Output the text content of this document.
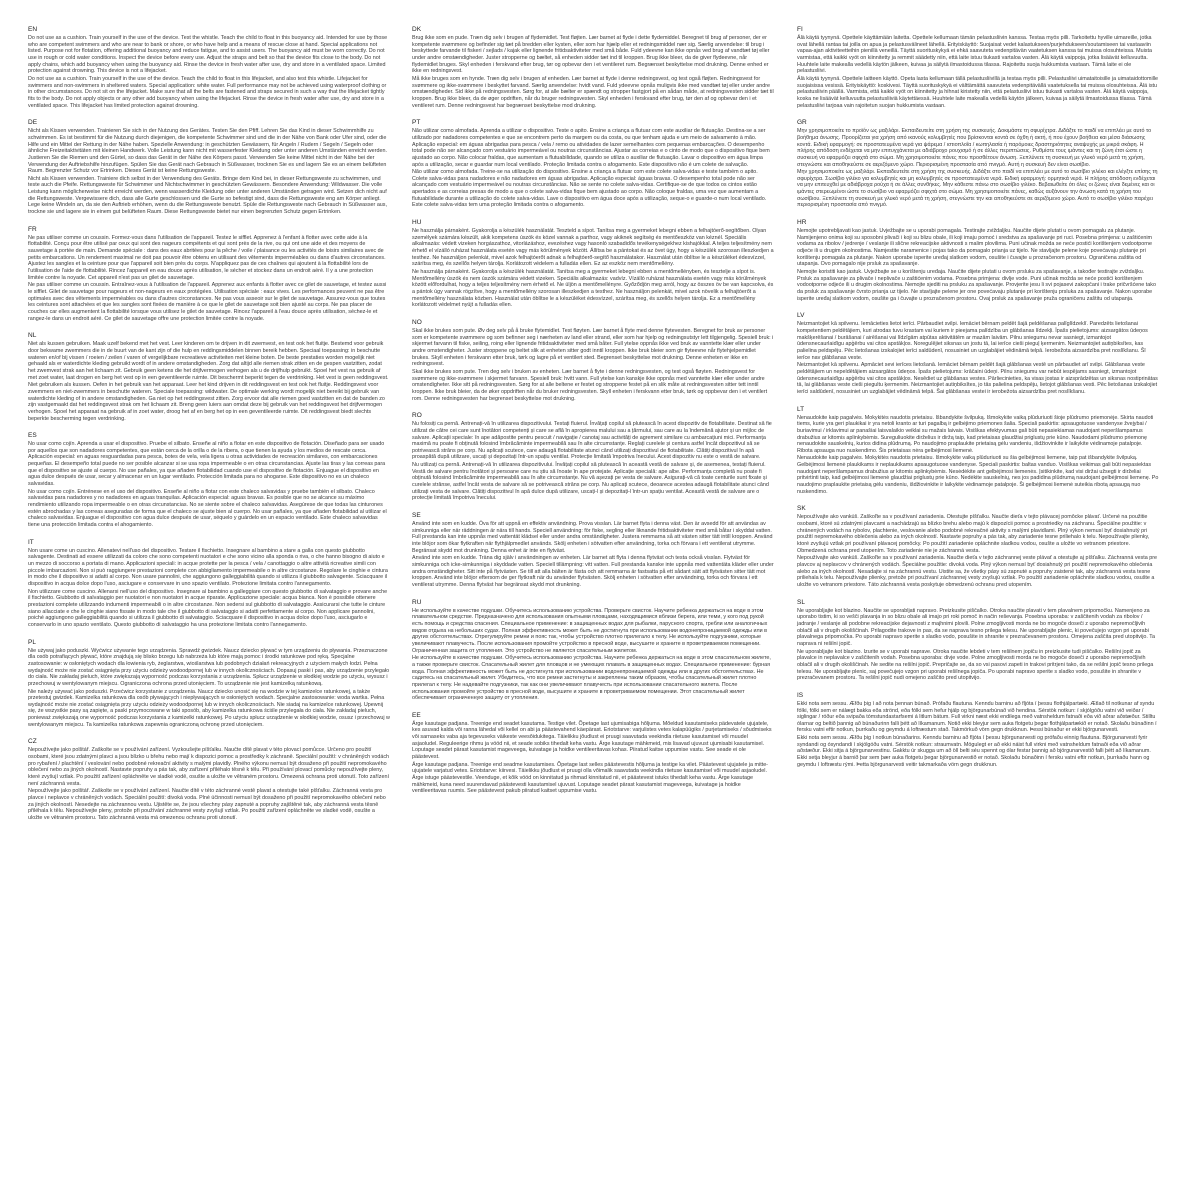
EN

Do not use as a cushion. Train yourself in the use of the device. Test the whistle. Teach the child to float in this buoyancy aid. Intended for use by those who are competent swimmers and who are near to bank or shore, or who have help and a means of rescue close at hand. Special applications not listed. Purpose not for flotation, offering additional buoyancy and reduce fatigue, and to assist users. The buoyancy aid must be worn correctly. Do not use in rough or cold water conditions. Inspect the device before every use. Adjust the straps and belt so that the device fits close to the body. Do not apply chains, which add buoyancy when using the buoyancy aid. Rinse the device in fresh water after use, dry and store in a ventilated space. Limited protection against drowning. This device is not a lifejacket.

Do not use as a cushion. Train yourself in the use of the device. Teach the child to float in this lifejacket, and also test this whistle. Lifejacket for swimmers and non-swimmers in sheltered waters. Special application: white water. Full performance may not be achieved using waterproof clothing or in other circumstances. Do not sit on the lifejacket. Make sure that all the belts are fastened and straps secured in such a way that the lifejacket tightly fits to the body. Do not apply objects or any other add buoyancy when using the lifejacket. Rinse the device in fresh water after use, dry and store in a ventilated space. This lifejacket has limited protection against drowning.

DE

Nicht als Kissen verwenden. Trainieren Sie sich in der Nutzung des Gerätes. Testen Sie den Pfiff. Lehren Sie das Kind in dieser Schwimmhilfe zu schwimmen. Es ist bestimmt für die Nutzung durch diejenigen, die kompetente Schwimmer sind und die in der Nähe von Bank oder Ufer sind, oder die Hilfe und ein Mittel der Rettung in der Nähe haben. Spezielle Anwendung: in geschützten Gewässern, für Angeln / Rudern / Segeln / Segeln oder ähnliche Freizeitaktivitäten mit kleinen Handwerk. Volle Leistung kann nicht mit wasserfester Kleidung oder unter anderen Umständen erreicht werden. Justieren Sie die Riemen und den Gürtel, so dass das Gerät in der Nähe des Körpers passt. Verwenden Sie keine Mittel nicht in der Nähe bei der Verwendung der Auftriebshilfe hinzufügen. Spülen Sie das Gerät nach Gebrauch in Süßwasser, trocknen Sie es und lagern Sie es an einem belüfteten Raum. Begrenzter Schutz vor Ertrinken. Dieses Gerät ist keine Rettungsweste.

Nicht als Kissen verwenden. Trainiere dich selbst in der Verwendung des Geräts. Bringe dem Kind bei, in dieser Rettungsweste zu schwimmen, und teste auch die Pfeife. Rettungsweste für Schwimmer und Nichtschwimmer in geschützten Gewässern. Besondere Anwendung: Wildwasser. Die volle Leistung kann möglicherweise nicht erreicht werden, wenn wasserdichte Kleidung oder unter anderen Umständen getragen wird. Setzen dich nicht auf die Rettungsweste. Vergewissere dich, dass alle Gurte geschlossen und die Gurte so befestigt sind, dass die Rettungsweste eng am Körper anliegt. Lege keine Windeln an, da sie den Auftrieb erhöhen, wenn du die Rettungsweste benutzt. Spüle die Rettungsweste nach Gebrauch in Süßwasser aus, trockne sie und lagere sie in einem gut belüfteten Raum. Diese Rettungsweste bietet nur einen begrenzten Schutz gegen Ertrinken.

FR

Ne pas utiliser comme un coussin. Formez-vous dans l'utilisation de l'appareil. Testez le sifflet. Apprenez à l'enfant à flotter avec cette aide à la flottabilité. Conçu pour être utilisé par ceux qui sont des nageurs compétents et qui sont près de la rive, ou qui ont une aide et des moyens de sauvetage à portée de main. Demande spéciale : dans des eaux abritées pour la pêche / voile / plaisance ou les activités de loisirs similaires avec de petits embarcations. Un rendement maximal ne doit pas pouvoir être obtenu en utilisant des vêtements imperméables ou dans d'autres circonstances. Ajustez les sangles et la ceinture pour que l'appareil soit bien près du corps. N'appliquez pas de ces chaînes qui ajoutent à la flottabilité lors de l'utilisation de l'aide de flottabilité. Rincez l'appareil en eau douce après utilisation, le sécher et stockez dans un endroit aéré. Il y a une protection limitée contre la noyade. Cet appareil n'est pas un gilet de sauvetage.

Ne pas utiliser comme un coussin. Entraînez-vous à l'utilisation de l'appareil. Apprenez aux enfants à flotter avec ce gilet de sauvetage, et testez aussi le sifflet. Gilet de sauvetage pour nageurs et non-nageurs en eaux protégées. Utilisation spéciale : eaux vives. Les performances peuvent ne pas être optimales avec des vêtements imperméables ou dans d'autres circonstances. Ne pas vous asseoir sur le gilet de sauvetage. Assurez-vous que toutes les ceintures sont attachées et que les sangles sont fixées de manière à ce que le gilet de sauvetage soit bien ajusté au corps. Ne pas placer de couches car elles augmentent la flottabilité lorsque vous utilisez le gilet de sauvetage. Rincez l'appareil à l'eau douce après utilisation, séchez-le et rangez-le dans un endroit aéré. Ce gilet de sauvetage offre une protection limitée contre la noyade.

NL

Niet als kussen gebruiken. Maak uzelf bekend met het vest. Leer kinderen om te drijven in dit zwemvest, en test ook het fluitje. Bestemd voor gebruik door bekwame zwemmers die in de buurt van de kant zijn of die hulp en reddingsmiddelen binnen bereik hebben. Speciaal toepassing: in beschutte wateren en/of bij vissen / roeien / zeilen / varen of vergelijkbare recreatieve activiteiten met kleine boten. De beste prestaties worden mogelijk niet gehaald als er waterdichte kleding gebruikt wordt of in andere omstandigheden. Zorg dat altijd alle riemen strak zitten en de gespen vastzitten, zodat het zwemvest strak aan het lichaam zit. Gebruik geen ketens die het drijfvermogen verhogen als u de drijfhulp gebruikt. Spoel het vest na gebruik af met zoet water, laat drogen en berg het vest op in een geventileerde ruimte. Dit beschermt beperkt tegen de verdrinking. Het vest is geen reddingsvest.

Niet gebruiken als kussen. Oefen in het gebruik van het apparaat. Leer het kind drijven in dit reddingsvest en test ook het fluitje. Reddingsvest voor zwemmers en niet-zwemmers in beschutte wateren. Speciale toepassing: wildwater. De optimale werking wordt mogelijk niet bereikt bij gebruik van waterdichte kleding of in andere omstandigheden. Ga niet op het reddingsvest zitten. Zorg ervoor dat alle riemen goed vastzitten en dat de banden zo zijn vastgemaakt dat het reddingsvest strak om het lichaam zit. Breng geen luiers aan omdat deze bij gebruik van het reddingsvest het drijfvermogen verhogen. Spoel het apparaat na gebruik af in zoet water, droog het af en berg het op in een geventileerde ruimte. Dit reddingsvest biedt slechts beperkte bescherming tegen verdrinking.

ES

No usar como cojín. Aprenda a usar el dispositivo. Pruebe el silbato. Enseñe al niño a flotar en este dispositivo de flotación. Diseñado para ser usado por aquellos que son nadadores competentes, que están cerca de la orilla o de la ribera, o que tienen la ayuda y los medios de rescate cerca. Aplicación especial: en aguas resguardadas para pesca, botes de vela, vela ligera u otras actividades de recreación similares, con embarcaciones pequeñas. El desempeño total puede no ser posible alcanzar si se usa ropa impermeable o en otras circunstancias. Ajuste las tiras y las correas para que el dispositivo se ajuste al cuerpo. No use pañales, ya que añaden flotabilidad cuando use el dispositivo de flotación. Enjuague el dispositivo en agua dulce después de usar, secar y almacenar en un lugar ventilado. Protección limitada para no ahogarse. Este dispositivo no es un chaleco salvavidas.

No usar como cojín. Entrénese en el uso del dispositivo. Enseñe al niño a flotar con este chaleco salvavidas y pruebe también el silbato. Chaleco salvavidas para nadadores y no nadadores en aguas tranquilas. Aplicación especial: aguas bravas. Es posible que no se alcance su máximo rendimiento utilizando ropa impermeable o en otras circunstancias. No se siente sobre el chaleco salvavidas. Asegúrese de que todas las cinturones estén abrochadas y las correas aseguradas de forma que el chaleco se ajuste bien al cuerpo. No usar pañales, ya que añaden flotabilidad al utilizar el chaleco salvavidas. Enjuague el dispositivo con agua dulce después de usar, séquelo y guárdelo en un espacio ventilado. Este chaleco salvavidas tiene una protección limitada contra el ahogamiento.

IT

Non usare come un cuscino. Allenatevi nell'uso del dispositivo. Testare il fischietto. Insegnare al bambino a stare a galla con questo giubbotto salvagente. Destinati ad essere utilizzati da coloro che sono competenti nuotatori e che sono vicino alla sponda o riva, o che hanno bisogno di aiuto e un mezzo di soccorso a portata di mano. Applicazioni speciali: in acque protette per la pesca / vela / canottaggio o altre attività ricreative simili con piccole imbarcazioni. Non si può raggiungere prestazioni complete con abbigliamento impermeabile o in altre circostanze. Regolare le cinghie e cintura in modo che il dispositivo si adatti al corpo. Non usare pannolini, che aggiungono galleggiabilità quando si utilizza il giubbotto salvagente. Sciacquare il dispositivo in acqua dolce dopo l'uso, asciugare e conservare in uno spazio ventilato. Protezione limitata contro l'annegamento.

Non utilizzare come cuscino. Allenarsi nell'uso del dispositivo. Insegnare al bambino a galleggiare con questo giubbotto di salvataggio e provare anche il fischietto. Giubbotto di salvataggio per nuotatori e non nuotatori in acque riparate. Applicazione speciale: acqua bianca. Non è possibile ottenere prestazioni complete utilizzando indumenti impermeabili o in altre circostanze. Non sedersi sul giubbotto di salvataggio. Assicurarsi che tutte le cinture siano allacciate e che le cinghie siano fissate in modo tale che il giubbotto di salvataggio si adatti perfettamente al corpo. Non applicare pannolini, poiché aggiungono galleggiabilità quando si utilizza il giubbotto di salvataggio. Sciacquare il dispositivo in acqua dolce dopo l'uso, asciugarlo e conservarlo in uno spazio ventilato. Questo giubbotto di salvataggio ha una protezione limitata contro l'annegamento.

PL

Nie używaj jako poduszki. Wyćwicz używanie tego urządzenia. Sprawdź gwizdek. Naucz dziecko pływać w tym urządzeniu do pływania. Przeznaczone dla osób potrafiących pływać, które znajdują się blisko brzegu lub nabrzeża lub które mają pomoc i środki ratunkowe pod ręką. Specjalne zastosowanie: w osłoniętych wodach dla łowienia ryb, żeglarstwa, wioślarstwa lub podobnych działań rekreacyjnych z użyciem małych łodzi. Pełna wydajność może nie zostać osiągnięta przy użyciu odzieży wodoodpornej lub w innych okolicznościach. Dopasuj paski i pas, aby urządzenie przylegało do ciała. Nie zakładaj pieluch, które zwiększają wyporność podczas korzystania z urządzenia. Spłucz urządzenie w słodkiej wodzie po użyciu, wysusz i przechowuj w wentylowanym miejscu. Ograniczona ochrona przed utonięciem. To urządzenie nie jest kamizelką ratunkową.

Nie należy używać jako poduszki. Przećwicz korzystanie z urządzenia. Naucz dziecko unosić się na wodzie w tej kamizelce ratunkowej, a także przetestuj gwizdek. Kamizelka ratunkowa dla osób pływających i niepływających w osłoniętych wodach. Specjalne zastosowanie: woda wartka. Pełna wydajność może nie zostać osiągnięta przy użyciu odzieży wodoodpornej lub w innych okolicznościach. Nie siadaj na kamizelce ratunkowej. Upewnij się, że wszystkie pasy są zapięte, a paski przymocowane w taki sposób, aby kamizelka ratunkowa ściśle przylegała do ciała. Nie zakładaj pieluch, ponieważ zwiększają one wyporność podczas korzystania z kamizelki ratunkowej. Po użyciu spłucz urządzenie w słodkiej wodzie, osusz i przechowuj w wentylowanym miejscu. Ta kamizelka ratunkowa zapewnia ograniczoną ochronę przed utonięciem.

CZ

Nepoužívejte jako polštář. Zaškolte se v používání zařízení. Vyzkoušejte píšťalku. Naučte dítě plavat v této plovací pomůcce. Určeno pro použití osobami, které jsou zdatnými plavci a jsou blízko u břehu nebo mají k dispozici pomoc a prostředky k záchraně. Speciální použití: v chráněných vodách pro rybaření / plachtění / veslování nebo podobné rekreační aktivity s malými plavidly. Plného výkonu nemusí být dosaženo při použití nepromokavého oblečení nebo za jiných okolností. Nastavte popruhy a pás tak, aby zařízení přiléhalo těsně k tělu. Při používání plovací pomůcky nepoužívejte pleny, které zvyšují vztlak. Po použití zařízení opláchněte ve sladké vodě, osušte a uložte ve větraném prostoru. Omezená ochrana proti utonutí. Toto zařízení není záchranná vesta.

Nepoužívejte jako polštář. Zaškolte se v používání zařízení. Naučte dítě v této záchranné vestě plavat a otestujte také píšťalku. Záchranná vesta pro plavce i neplavce v chráněných vodách. Speciální použití: divoká voda. Plné účinnosti nemusí být dosaženo při použití nepromokavého oblečení nebo za jiných okolností. Nesedejte na záchrannou vestu. Ujistěte se, že jsou všechny pásy zapnuté a popruhy zajištěné tak, aby záchranná vesta těsně přiléhala k tělu. Nepoužívejte pleny, protože při používání záchranné vesty zvyšují vztlak. Po použití zařízení opláchněte ve sladké vodě, osušte a uložte ve větraném prostoru. Tato záchranná vesta má omezenou ochranu proti utonutí.

DK

Brug ikke som en pude. Træn dig selv i brugen af flydemidlet. Test fløjten. Lær barnet at flyde i dette flydemiddel. Beregnet til brug af personer, der er kompetente svømmere og befinder sig tæt på bredden eller kysten, eller som har hjælp eller et redningsmiddel nær sig. Særlig anvendelse: til brug i beskyttede farvande til fiskeri / sejlads / kajak eller lignende fritidsaktiviteter med små både. Fuld ydeevne kan ikke opnås ved brug af vandtæt tøj eller under andre omstændigheder. Juster stropperne og bæltet, så enheden sidder tæt ind til kroppen. Brug ikke bleer, da de giver flydeevne, når flydemidlet bruges. Skyl enheden i ferskvand efter brug, tør og opbevar den i et ventileret rum. Begrænset beskyttelse mod drukning. Denne enhed er ikke en redningsvest.

Må ikke bruges som en hynde. Træn dig selv i brugen af enheden. Lær barnet at flyde i denne redningsvest, og test også fløjten. Redningsvest for svømmere og ikke-svømmere i beskyttet farvand. Særlig anvendelse: hvidt vand. Fuld ydeevne opnås muligvis ikke med vandtæt tøj eller under andre omstændigheder. Sid ikke på redningsvesten. Sørg for, at alle bælter er spændt og stropper fastgjort på en sådan måde, at redningsvesten sidder tæt til kroppen. Brug ikke bleer, da de øger opdriften, når du bruger redningsvesten. Skyl enheden i ferskvand efter brug, tør den af og opbevar den i et ventileret rum. Denne redningsvest har begrænset beskyttelse mod drukning.

PT

Não utilizar como almofada. Aprenda a utilizar o dispositivo. Teste o apito. Ensine a criança a flutuar com este auxiliar de flutuação. Destina-se a ser utilizado por nadadores competentes e que se encontrem perto da margem ou da costa, ou que tenham ajuda e um meio de salvamento à mão. Aplicação especial: em águas abrigadas para pesca / vela / remo ou atividades de lazer semelhantes com pequenas embarcações. O desempenho total pode não ser alcançado com vestuário impermeável ou noutras circunstâncias. Ajustar as correias e o cinto de modo que o dispositivo fique bem ajustado ao corpo. Não colocar fraldas, que aumentam a flutuabilidade, quando se utiliza o auxiliar de flutuação. Lavar o dispositivo em água limpa após a utilização, secar e guardar num local ventilado. Proteção limitada contra o afogamento. Este dispositivo não é um colete de salvação.

Não utilizar como almofada. Treine-se na utilização do dispositivo. Ensine a criança a flutuar com este colete salva-vidas e teste também o apito. Colete salva-vidas para nadadores e não nadadores em águas abrigadas. Aplicação especial: águas bravas. O desempenho total pode não ser alcançado com vestuário impermeável ou noutras circunstâncias. Não se sente no colete salva-vidas. Certifique-se de que todos os cintos estão apertados e as correias presas de modo a que o colete salva-vidas fique bem ajustado ao corpo. Não coloque fraldas, uma vez que aumentam a flutuabilidade durante a utilização do colete salva-vidas. Lave o dispositivo em água doce após a utilização, seque-o e guarde-o num local ventilado. Este colete salva-vidas tem uma proteção limitada contra o afogamento.

HU

Ne használja párnaként. Gyakorolja a készülék használatát. Teszteld a sípot. Tanítsa meg a gyermeket lebegni ebben a felhajtóerő-segítőben. Olyan személyek számára készült, akik kompetens úszók és közel vannak a parthoz, vagy akiknek segítség és mentőeszköz van kéznél. Speciális alkalmazás: védett vizeken horgászathoz, vitorlázáshoz, evezéshez vagy hasonló szabadidős tevékenységekhez kishajókkal. A teljes teljesítmény nem érhető el vízálló ruházat használata esetén vagy más körülmények között. Állítsa be a pántokat és az övet úgy, hogy a készülék szorosan illeszkedjen a testhez. Ne használjon pelenkát, mivel azok felhajtóerőt adnak a felhajtóerő-segítő használatakor. Használat után öblítse le a készüléket édesvízzel, szárítsa meg, és szellős helyen tárolja. Korlátozott védelem a fulladás ellen. Ez az eszköz nem mentőmellény.

Ne használja párnaként. Gyakorolja a készülék használatát. Tanítsa meg a gyermeket lebegni ebben a mentőmellényben, és tesztelje a sípot is. Mentőmellény úszók és nem úszók számára védett vizeken. Speciális alkalmazás: vadvíz. Vízálló ruházat használata esetén vagy más körülmények között előfordulhat, hogy a teljes teljesítmény nem érhető el. Ne üljön a mentőmellényre. Győződjön meg arról, hogy az összes öv be van kapcsolva, és a pántok úgy vannak rögzítve, hogy a mentőmellény szorosan illeszkedjen a testhez. Ne használjon pelenkát, mivel azok növelik a felhajtóerőt a mentőmellény használata közben. Használat után öblítse le a készüléket édesvízzel, szárítsa meg, és szellős helyen tárolja. Ez a mentőmellény korlátozott védelmet nyújt a fulladás ellen.

NO

Skal ikke brukes som pute. Øv deg selv på å bruke flytemidlet. Test fløyten. Lær barnet å flyte med denne flytevesten. Beregnet for bruk av personer som er kompetente svømmere og som befinner seg i nærheten av land eller strand, eller som har hjelp og redningsutstyr lett tilgjengelig. Spesiell bruk: i skjermet farvann til fiske, seiling, roing eller lignende fritidsaktiviteter med små båter. Full ytelse oppnås ikke ved bruk av vanntette klær eller under andre omstendigheter. Juster stroppene og beltet slik at enheten sitter godt inntil kroppen. Ikke bruk bleier som gir flyteevne når flytehjelpemidlet brukes. Skyll enheten i ferskvann etter bruk, tørk og lagre på et ventilert sted. Begrenset beskyttelse mot drukning. Denne enheten er ikke en redningsvest.

Skal ikke brukes som pute. Tren deg selv i bruken av enheten. Lær barnet å flyte i denne redningsvesten, og test også fløyten. Redningsvest for svømmere og ikke-svømmere i skjermet farvann. Spesiell bruk: hvitt vann. Full ytelse kan kanskje ikke oppnås med vanntette klær eller under andre omstendigheter. Ikke sitt på redningsvesten. Sørg for at alle beltene er festet og stroppene festet på en slik måte at redningsvesten sitter tett inntil kroppen. Ikke bruk bleier, da de øker oppdriften når du bruker redningsvesten. Skyll enheten i ferskvann etter bruk, tørk og oppbevar den i et ventilert rom. Denne redningsvesten har begrenset beskyttelse mot drukning.

RO

Nu folosiți ca pernă. Antrenați-vă în utilizarea dispozitivului. Testați fluierul. Învățați copilul să plutească în acest dispozitiv de flotabilitate. Destinat să fie utilizat de către cei care sunt înotători competenți și care se află în apropierea malului sau a țărmului, sau care au la îndemână ajutor și un mijloc de salvare. Aplicații speciale: în ape adăpostite pentru pescuit / navigație / canotaj sau activități de agrement similare cu ambarcațiuni mici. Performanța maximă nu poate fi obținută folosind îmbrăcăminte impermeabilă sau în alte circumstanțe. Reglați curelele și centura astfel încât dispozitivul să se potrivească strâns pe corp. Nu aplicați scutece, care adaugă flotabilitate atunci când utilizați dispozitivul de flotabilitate. Clătiți dispozitivul în apă proaspătă după utilizare, uscați și depozitați într-un spațiu ventilat. Protecție limitată împotriva înecului. Acest dispozitiv nu este o vestă de salvare.

Nu utilizați ca pernă. Antrenați-vă în utilizarea dispozitivului. Învățați copilul să plutească în această vestă de salvare și, de asemenea, testați fluierul. Vestă de salvare pentru înotători și persoane care nu știu să înoate în ape protejate. Aplicație specială: ape albe. Performanța completă nu poate fi obținută folosind îmbrăcăminte impermeabilă sau în alte circumstanțe. Nu vă așezați pe vesta de salvare. Asigurați-vă că toate centurile sunt fixate și curelele strânse, astfel încât vesta de salvare să se potrivească strâns pe corp. Nu aplicați scutece, deoarece acestea adaugă flotabilitate atunci când utilizați vesta de salvare. Clătiți dispozitivul în apă dulce după utilizare, uscați-l și depozitați-l într-un spațiu ventilat. Această vestă de salvare are o protecție limitată împotriva înecului.

SE

Använd inte som en kudde. Öva för att uppnå en effektiv användning. Prova visslan. Lär barnet flyta i denna väst. Den är avsedd för att användas av simkunniga eller när räddningen är nära till hands. Speciell användning: för fiske, segling eller liknande fritidsaktiviteter med små båtar i skyddat vatten. Full prestanda kan inte uppnås med vattentät klädsel eller under andra omständigheter. Justera remmarna så att västen sitter tätt intill kroppen. Använd inte blöjor som ökar flytkraften när flythjälpmedlet används. Skölj enheten i sötvatten efter användning, torka och förvara i ett ventilerat utrymme. Begränsat skydd mot drunkning. Denna enhet är inte en flytväst.

Använd inte som en kudde. Träna dig själv i användningen av enheten. Lär barnet att flyta i denna flytväst och testa också visslan. Flytväst för simkunniga och icke-simkunniga i skyddade vatten. Speciell tillämpning: vitt vatten. Full prestanda kanske inte uppnås med vattentäta kläder eller under andra omständigheter. Sitt inte på flytvästen. Se till att alla bälten är fästa och att remmarna är fastsatta på ett sådant sätt att flytvästen sitter tätt mot kroppen. Använd inte blöjor eftersom de ger flytkraft när du använder flytvästen. Skölj enheten i sötvatten efter användning, torka och förvara i ett ventilerat utrymme. Denna flytväst har begränsat skydd mot drunkning.

RU

Не используйте в качестве подушки. Обучитесь использованию устройства. Проверьте свисток. Научите ребенка держаться на воде в этом плавательном средстве. Предназначено для использования опытными пловцами, находящимися вблизи берега, или теми, у кого под рукой есть помощь и средства спасения. Специальное применение: в защищенных водах для рыбалки, парусного спорта, гребли или аналогичных видов отдыха на небольших судах. Полная эффективность может быть не достигнута при использовании водонепроницаемой одежды или в других обстоятельствах. Отрегулируйте ремни и пояс так, чтобы устройство плотно прилегало к телу. Не используйте подгузники, которые увеличивают плавучесть. После использования промойте устройство в пресной воде, высушите и храните в проветриваемом помещении. Ограниченная защита от утопления. Это устройство не является спасательным жилетом.

Не используйте в качестве подушки. Обучитесь использованию устройства. Научите ребенка держаться на воде в этом спасательном жилете, а также проверьте свисток. Спасательный жилет для пловцов и не умеющих плавать в защищенных водах. Специальное применение: бурная вода. Полная эффективность может быть не достигнута при использовании водонепроницаемой одежды или в других обстоятельствах. Не садитесь на спасательный жилет. Убедитесь, что все ремни застегнуты и закреплены таким образом, чтобы спасательный жилет плотно прилегал к телу. Не надевайте подгузники, так как они увеличивают плавучесть при использовании спасательного жилета. После использования промойте устройство в пресной воде, высушите и храните в проветриваемом помещении. Этот спасательный жилет обеспечивает ограниченную защиту от утопления.

EE

Ärge kasutage padjana. Treenige end seadet kasutama. Testige vilet. Õpetage last ujumisabiga hõljuma. Mõeldud kasutamiseks pädevatele ujujatele, kes asuvad kalda või ranna lähedal või kellel on abi ja päästevahend käepärast. Eriotstarve: varjulistes vetes kalapüügiks / purjetamiseks / sõudmiseks või sarnaseks vaba aja tegevuseks väikeste veesõidukitega. Täielikku jõudlust ei pruugi saavutada veekindla riietuse kasutamisel või muudel asjaoludel. Reguleerige rihmu ja vööd nii, et seade sobiks tihedalt keha vastu. Ärge kasutage mähkmeid, mis lisavad ujuvust ujumisabi kasutamisel. Loputage seadet pärast kasutamist mageveega, kuivatage ja hoidke ventileeritavas kohas. Piiratud kaitse uppumise vastu. See seade ei ole päästevest.

Ärge kasutage padjana. Treenige end seadme kasutamises. Õpetage last selles päästevestis hõljuma ja testige ka vilet. Päästevest ujujatele ja mitte-ujujatele varjatud vetes. Eriotstarve: kiirvesi. Täielikku jõudlust ei pruugi olla võimalik saavutada veekindla riietuse kasutamisel või muudel asjaoludel. Ärge istuge päästevestile. Veenduge, et kõik vööd on kinnitatud ja rihmad kinnitatud nii, et päästevest istuks tihedalt keha vastu. Ärge kasutage mähkmeid, kuna need suurendavad päästevesti kasutamisel ujuvust. Loputage seadet pärast kasutamist mageveega, kuivatage ja hoidke ventileeritavas ruumis. See päästevest pakub piiratud kaitset uppumise vastu.

FI

Älä käytä tyynynä. Opettele käyttämään laitetta. Opettele kellumaan tämän pelastusliivin kanssa. Testaa myös pilli. Tarkoitettu hyville uimareille, jotka ovat lähellä rantaa tai joilla on apua ja pelastusvälineet lähellä. Erityiskäyttö: Suojaisat vedet kalastukseen/purjehdukseen/soutamiseen tai vastaaviin vapaa-ajan aktiviteetteihin pienillä veneillä. Täyttä suorituskykyä ei ehkä saavuteta vedenpitävän vaatetuksen kanssa tai muissa olosuhteissa. Muista varmistaa, että kaikki vyöt on kiinnitetty ja remmit säädetty niin, että laite istuu tiukasti vartaloa vasten. Älä käytä vaippoja, jotka lisäävät kelluvuutta. Huuhtele laite makealla vedellä käytön jälkeen, kuivaa ja säilytä ilmastoidussa tilassa. Rajoitettu suoja hukkumista vastaan. Tämä laite ei ole pelastusliivi.

Älä käytä tyynynä. Opettele laitteen käyttö. Opeta lasta kellumaan tällä pelastusliivillä ja testaa myös pilli. Pelastusliivi uimataitoisille ja uimataidottomille suojaisissa vesissä. Erityiskäyttö: koskivesi. Täyttä suorituskykyä ei välttämättä saavuteta vedenpitävällä vaatetuksella tai muissa olosuhteissa. Älä istu pelastusliivin päällä. Varmista, että kaikki vyöt on kiinnitetty ja hihnat kiristetty niin, että pelastusliivi istuu tiukasti vartaloa vasten. Älä käytä vaippoja, koska ne lisäävät kelluvuutta pelastusliiviä käytettäessä. Huuhtele laite makealla vedellä käytön jälkeen, kuivaa ja säilytä ilmastoidussa tilassa. Tämä pelastusliivi tarjoaa vain rajoitetun suojan hukkumista vastaan.

GR

Μην χρησιμοποιείτε το προϊόν ως μαξιλάρι. Εκπαιδευτείτε στη χρήση της συσκευής. Δοκιμάστε τη σφυρίχτρα. Διδάξτε το παιδί να επιπλέει με αυτό το βοήθημα άνωσης. Προορίζεται για χρήση από ικανούς κολυμβητές που βρίσκονται κοντά σε όχθη ή ακτή, ή που έχουν βοήθεια και μέσα διάσωσης κοντά. Ειδική εφαρμογή: σε προστατευμένα νερά για ψάρεμα / ιστιοπλοΐα / κωπηλασία ή παρόμοιες δραστηριότητες αναψυχής με μικρά σκάφη. Η πλήρης απόδοση ενδέχεται να μην επιτυγχάνεται με αδιάβροχο ρουχισμό ή σε άλλες περιπτώσεις. Ρυθμίστε τους ιμάντες και τη ζώνη έτσι ώστε η συσκευή να εφαρμόζει σφιχτά στο σώμα. Μη χρησιμοποιείτε πάνες που προσθέτουν άνωση. Ξεπλύνετε τη συσκευή με γλυκό νερό μετά τη χρήση, στεγνώστε και αποθηκεύστε σε αεριζόμενο χώρο. Περιορισμένη προστασία από πνιγμό. Αυτή η συσκευή δεν είναι σωσίβιο.

Μην χρησιμοποιείτε ως μαξιλάρι. Εκπαιδευτείτε στη χρήση της συσκευής. Διδάξτε στο παιδί να επιπλέει με αυτό το σωσίβιο γιλέκο και ελέγξτε επίσης τη σφυρίχτρα. Σωσίβιο γιλέκο για κολυμβητές και μη κολυμβητές σε προστατευμένα νερά. Ειδική εφαρμογή: ορμητικά νερά. Η πλήρης απόδοση ενδέχεται να μην επιτευχθεί με αδιάβροχα ρούχα ή σε άλλες συνθήκες. Μην κάθεστε πάνω στο σωσίβιο γιλέκο. Βεβαιωθείτε ότι όλες οι ζώνες είναι δεμένες και οι ιμάντες στερεωμένοι ώστε το σωσίβιο να εφαρμόζει σφιχτά στο σώμα. Μη χρησιμοποιείτε πάνες, καθώς αυξάνουν την άνωση κατά τη χρήση του σωσίβιου. Ξεπλύνετε τη συσκευή με γλυκό νερό μετά τη χρήση, στεγνώστε την και αποθηκεύστε σε αεριζόμενο χώρο. Αυτό το σωσίβιο γιλέκο παρέχει περιορισμένη προστασία από πνιγμό.

HR

Nemojte upotrebljavati kao jastuk. Uvježbajte se u uporabi pomagala. Testirajte zviždaljku. Naučite dijete plutati u ovom pomagalu za plutanje. Namijenjeno onima koji su sposobni plivači i koji su blizu obale, ili koji imaju pomoć i sredstva za spašavanje pri ruci. Posebna primjena: u zaštićenim vodama za ribolov / jedrenje / veslanje ili slične rekreacijske aktivnosti s malim plovilima. Puni učinak možda se neće postići korištenjem vodootporne odjeće ili u drugim okolnostima. Namjestite naramenice i pojas tako da pomagalo prianja uz tijelo. Ne stavljajte pelene koje povećavaju plutanje pri korištenju pomagala za plutanje. Nakon uporabe isperite uređaj slatkom vodom, osušite i čuvajte u prozračenom prostoru. Ograničena zaštita od utapanja. Ovo pomagalo nije prsluk za spašavanje.

Nemojte koristiti kao jastuk. Uvježbajte se u korištenju uređaja. Naučite dijete plutati u ovom prsluku za spašavanje, a također testirajte zviždaljku. Prsluk za spašavanje za plivače i neplivače u zaštićenim vodama. Posebna primjena: divlje vode. Puni učinak možda se neće postići korištenjem vodootporne odjeće ili u drugim okolnostima. Nemojte sjediti na prsluku za spašavanje. Provjerite jesu li svi pojasevi zakopčani i trake pričvršćene tako da prsluk za spašavanje čvrsto prianja uz tijelo. Ne stavljajte pelene jer one povećavaju plutanje pri korištenju prsluka za spašavanje. Nakon uporabe isperite uređaj slatkom vodom, osušite ga i čuvajte u prozračenom prostoru. Ovaj prsluk za spašavanje pruža ograničenu zaštitu od utapanja.

LV

Neizmantojiet kā spilvenu. Iemācieties lietot ierīci. Pārbaudiet svilpi. Iemāciet bērnam peldēt šajā peldēšanas palīglīdzeklī. Paredzēts lietošanai kompetentiem peldētājiem, kuri atrodas tuvu krastam vai kuriem ir pieejama palīdzība un glābšanas līdzekļi. Īpašs pielietojums: aizsargātos ūdeņos makšķerēšanai / burāšanai / airēšanai vai līdzīgām atpūtas aktivitātēm ar mazām laivām. Pilnu sniegumu nevar sasniegt, izmantojot ūdensnecaurlaidīgu apģērbu vai citos apstākļos. Noregulējiet siksnas un jostu tā, lai ierīce cieši pieguļ ķermenim. Neizmantojiet autiņbiksītes, kas palielina peldspēju. Pēc lietošanas izskalojiet ierīci saldūdenī, nosusiniet un uzglabājiet vēdināmā telpā. Ierobežota aizsardzība pret noslīkšanu. Šī ierīce nav glābšanas veste.

Neizmantojiet kā spilvenu. Apmāciet sevi ierīces lietošanā. Iemāciet bērnam peldēt šajā glābšanas vestē un pārbaudiet arī svilpi. Glābšanas veste peldētājiem un nepeldētājiem aizsargātos ūdeņos. Īpašs pielietojums: krāčaini ūdeņi. Pilnu sniegumu var nebūt iespējams sasniegt, izmantojot ūdensnecaurlaidīgu apģērbu vai citos apstākļos. Nesēdiet uz glābšanas vestes. Pārliecinieties, ka visas jostas ir aizsprādzētas un siksnas nostiprinātas tā, lai glābšanas veste cieši piegultu ķermenim. Neizmantojiet autiņbiksītes, jo tās palielina peldspēju, lietojot glābšanas vesti. Pēc lietošanas izskalojiet ierīci saldūdenī, nosusiniet un uzglabājiet vēdināmā telpā. Šai glābšanas vestei ir ierobežota aizsardzība pret noslīkšanu.

LT

Nenaudokite kaip pagalvės. Mokykitės naudotis prietaisu. Išbandykite švilpuką. Išmokykite vaiką plūduriuoti šioje plūdrumo priemonėje. Skirta naudoti tiems, kurie yra geri plaukikai ir yra netoli kranto ar turi pagalbą ir gelbėjimo priemones šalia. Speciali paskirtis: apsaugotuose vandenyse žvejybai / buriavimui / irklavimui ar panašiai laisvalaikio veiklai su mažais laivais. Visiškas efektyvumas gali būti nepasiekiamas naudojant neperšlampamus drabužius ar kitomis aplinkybėmis. Sureguliuokite dirželius ir diržą taip, kad prietaisas glaudžiai priglustų prie kūno. Naudodami plūdrumo priemonę nenaudokite sauskelnių, kurios didina plūdrumą. Po naudojimo praplaukite prietaisą gėlu vandeniu, išdžiovinkite ir laikykite vėdinamoje patalpoje. Ribota apsauga nuo nuskendimo. Šis prietaisas nėra gelbėjimosi liemenė.

Nenaudokite kaip pagalvės. Mokykitės naudotis prietaisu. Išmokykite vaiką plūduriuoti su šia gelbėjimosi liemene, taip pat išbandykite švilpuką. Gelbėjimosi liemenė plaukikams ir neplaukikams apsaugotuose vandenyse. Speciali paskirtis: baltas vanduo. Visiškas veikimas gali būti nepasiektas naudojant neperšlampamus drabužius ar kitomis aplinkybėmis. Nesėdėkite ant gelbėjimosi liemenės. Įsitikinkite, kad visi diržai užsegti ir dirželiai pritvirtinti taip, kad gelbėjimosi liemenė glaudžiai priglustų prie kūno. Nedėkite sauskelnių, nes jos padidina plūdrumą naudojant gelbėjimosi liemenę. Po naudojimo praplaukite prietaisą gėlu vandeniu, išdžiovinkite ir laikykite vėdinamoje patalpoje. Ši gelbėjimosi liemenė suteikia ribotą apsaugą nuo nuskendimo.

SK

Nepoužívajte ako vankúš. Zaškoľte sa v používaní zariadenia. Otestujte píšťalku. Naučte dieťa v tejto plávacej pomôcke plávať. Určené na použitie osobami, ktoré sú zdatnými plavcami a nachádzajú sa blízko brehu alebo majú k dispozícii pomoc a prostriedky na záchranu. Špeciálne použitie: v chránených vodách na rybolov, plachtenie, veslovanie alebo podobné rekreačné aktivity s malými plavidlami. Plný výkon nemusí byť dosiahnutý pri použití nepremokavého oblečenia alebo za iných okolností. Nastavte popruhy a pás tak, aby zariadenie tesne priliehalo k telu. Nepoužívajte plienky, ktoré zvyšujú vztlak pri používaní plávacej pomôcky. Po použití zariadenie opláchnite sladkou vodou, osušte a uložte vo vetranom priestore. Obmedzená ochrana pred utopením. Toto zariadenie nie je záchranná vesta.

Nepoužívajte ako vankúš. Zaškoľte sa v používaní zariadenia. Naučte dieťa v tejto záchrannej veste plávať a otestujte aj píšťalku. Záchranná vesta pre plavcov aj neplavcov v chránených vodách. Špeciálne použitie: divoká voda. Plný výkon nemusí byť dosiahnutý pri použití nepremokavého oblečenia alebo za iných okolností. Nesadajte si na záchrannú vestu. Uistite sa, že všetky pásy sú zapnuté a popruhy zaistené tak, aby záchranná vesta tesne priliehala k telu. Nepoužívajte plienky, pretože pri používaní záchrannej vesty zvyšujú vztlak. Po použití zariadenie opláchnite sladkou vodou, osušte a uložte vo vetranom priestore. Táto záchranná vesta poskytuje obmedzenú ochranu pred utopením.

SL

Ne uporabljajte kot blazino. Naučite se uporabljati napravo. Preizkusite piščalko. Otroka naučite plavati v tem plavalnem pripomočku. Namenjeno za uporabo tistim, ki so vešči plavanja in so blizu obale ali imajo pri roki pomoč in način reševanja. Posebna uporaba: v zaščitenih vodah za ribolov / jadranje / veslanje ali podobne rekreacijske dejavnosti z majhnimi plovili. Polne zmogljivosti morda ne bo mogoče doseči z uporabo nepremočljivih oblačil ali v drugih okoliščinah. Prilagodite trakove in pas, da se naprava tesno prilega telesu. Ne uporabljajte plenic, ki povečujejo vzgon pri uporabi plavalnega pripomočka. Po uporabi napravo sperite s sladko vodo, posušite in shranite v prezračevanem prostoru. Omejena zaščita pred utopitvijo. Ta naprava ni rešilni jopič.

Ne uporabljajte kot blazino. Izurite se v uporabi naprave. Otroka naučite lebdeti v tem rešilnem jopiču in preizkusite tudi piščalko. Rešilni jopič za plavalce in neplavalce v zaščitenih vodah. Posebna uporaba: divje vode. Polne zmogljivosti morda ne bo mogoče doseči z uporabo nepremočljivih oblačil ali v drugih okoliščinah. Ne sedite na rešilni jopič. Prepričajte se, da so vsi pasovi zapeti in trakovi pritrjeni tako, da se rešilni jopič tesno prilega telesu. Ne uporabljajte plenic, saj povečujejo vzgon pri uporabi rešilnega jopiča. Po uporabi napravo sperite s sladko vodo, posušite in shranite v prezračevanem prostoru. Ta rešilni jopič nudi omejeno zaščito pred utopitvijo.

IS

Ekki nota sem sessu. Æfðu þig í að nota þennan búnað. Prófaðu flautuna. Kenndu barninu að fljóta í þessu flothjálpartæki. Ætlað til notkunar af syndu fólki, fólki sem er nálægt bakka eða strönd, eða fólki sem hefur hjálp og björgunarbúnað við hendina. Sérstök notkun: í skjólgóðu vatni við veiðar / siglingar / róður eða svipaða tómstundastarfsemi á litlum bátum. Full virkni næst ekki endilega með vatnsheldum fatnaði eða við aðrar aðstæður. Stilltu ólarnar og beltið þannig að búnaðurinn falli þétt að líkamanum. Notið ekki bleyjur sem auka flotgetu þegar flothjálpartækið er notað. Skolaðu búnaðinn í fersku vatni eftir notkun, þurrkaðu og geymdu á loftræstum stað. Takmörkuð vörn gegn drukknun. Þessi búnaður er ekki björgunarvesti.

Ekki nota sem sessu. Æfðu þig í notkun búnaðarins. Kenndu barninu að fljóta í þessu björgunarvesti og prófaðu einnig flautuna. Björgunarvesti fyrir syndandi og ósyndandi í skjólgóðu vatni. Sérstök notkun: straumvatn. Mögulegt er að ekki náist full virkni með vatnsheldum fatnaði eða við aðrar aðstæður. Ekki sitja á björgunarvestinu. Gakktu úr skugga um að öll belti séu spennt og ólar festar þannig að björgunarvestið falli þétt að líkamanum. Ekki setja bleyjur á barnið þar sem þær auka flotgetu þegar björgunarvestið er notað. Skolaðu búnaðinn í fersku vatni eftir notkun, þurrkaðu hann og geymdu í loftræstu rými. Þetta björgunarvesti veitir takmarkaða vörn gegn drukknun.
